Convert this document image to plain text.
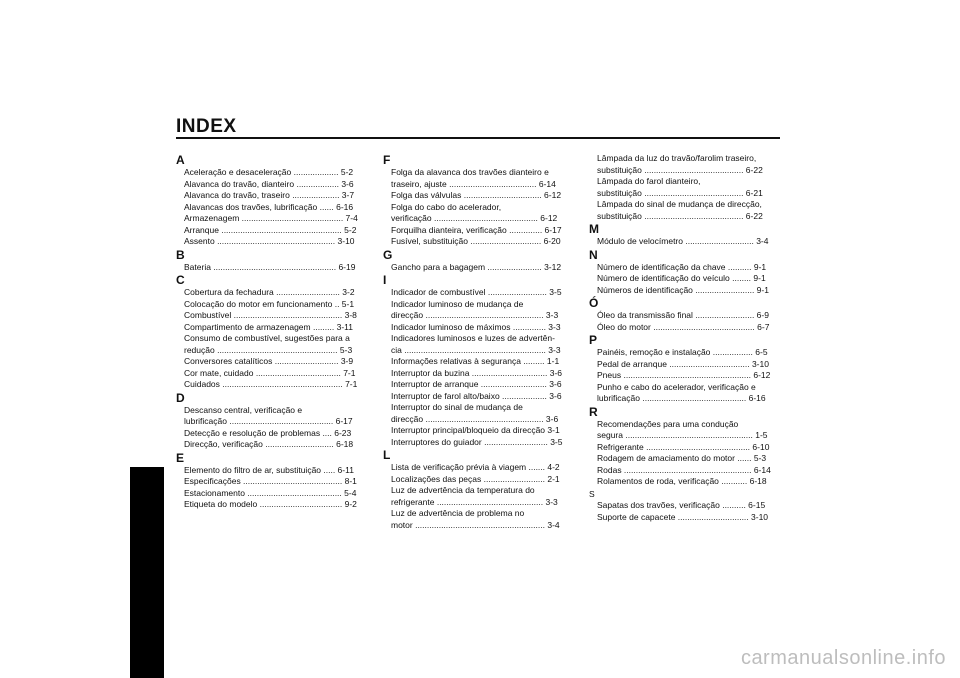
INDEX
A
Aceleração e desaceleração ................... 5-2
Alavanca do travão, dianteiro .................. 3-6
Alavanca do travão, traseiro .................... 3-7
Alavancas dos travões, lubrificação ...... 6-16
Armazenagem ........................................... 7-4
Arranque ................................................... 5-2
Assento .................................................. 3-10
B
Bateria .................................................... 6-19
C
Cobertura da fechadura ........................... 3-2
Colocação do motor em funcionamento .. 5-1
Combustível .............................................. 3-8
Compartimento de armazenagem ......... 3-11
Consumo de combustível, sugestões para a
redução ................................................... 5-3
Conversores catalíticos ........................... 3-9
Cor mate, cuidado .................................... 7-1
Cuidados ................................................... 7-1
D
Descanso central, verificação e
lubrificação ............................................ 6-17
Detecção e resolução de problemas .... 6-23
Direcção, verificação ............................. 6-18
E
Elemento do filtro de ar, substituição ..... 6-11
Especificações .......................................... 8-1
Estacionamento ........................................ 5-4
Etiqueta do modelo ................................... 9-2
F
Folga da alavanca dos travões dianteiro e
traseiro, ajuste ..................................... 6-14
Folga das válvulas ................................. 6-12
Folga do cabo do acelerador,
verificação ............................................ 6-12
Forquilha dianteira, verificação .............. 6-17
Fusível, substituição .............................. 6-20
G
Gancho para a bagagem ....................... 3-12
I
Indicador de combustível ......................... 3-5
Indicador luminoso de mudança de
direcção .................................................. 3-3
Indicador luminoso de máximos .............. 3-3
Indicadores luminosos e luzes de advertên-
cia ............................................................ 3-3
Informações relativas à segurança ......... 1-1
Interruptor da buzina ................................ 3-6
Interruptor de arranque ............................ 3-6
Interruptor de farol alto/baixo ................... 3-6
Interruptor do sinal de mudança de
direcção .................................................. 3-6
Interruptor principal/bloqueio da direcção 3-1
Interruptores do guiador ........................... 3-5
L
Lista de verificação prévia à viagem ....... 4-2
Localizações das peças .......................... 2-1
Luz de advertência da temperatura do
refrigerante ............................................. 3-3
Luz de advertência de problema no
motor ....................................................... 3-4
Lâmpada da luz do travão/farolim traseiro,
substituição .......................................... 6-22
Lâmpada do farol dianteiro,
substituição .......................................... 6-21
Lâmpada do sinal de mudança de direcção,
substituição .......................................... 6-22
M
Módulo de velocímetro ............................. 3-4
N
Número de identificação da chave .......... 9-1
Número de identificação do veículo ........ 9-1
Números de identificação ......................... 9-1
Ó
Óleo da transmissão final ......................... 6-9
Óleo do motor ........................................... 6-7
P
Painéis, remoção e instalação ................. 6-5
Pedal de arranque .................................. 3-10
Pneus ...................................................... 6-12
Punho e cabo do acelerador, verificação e
lubrificação ............................................ 6-16
R
Recomendações para uma condução
segura ...................................................... 1-5
Refrigerante ............................................ 6-10
Rodagem de amaciamento do motor ...... 5-3
Rodas ...................................................... 6-14
Rolamentos de roda, verificação ........... 6-18
S
Sapatas dos travões, verificação .......... 6-15
Suporte de capacete .............................. 3-10
carmanualsonline.info
